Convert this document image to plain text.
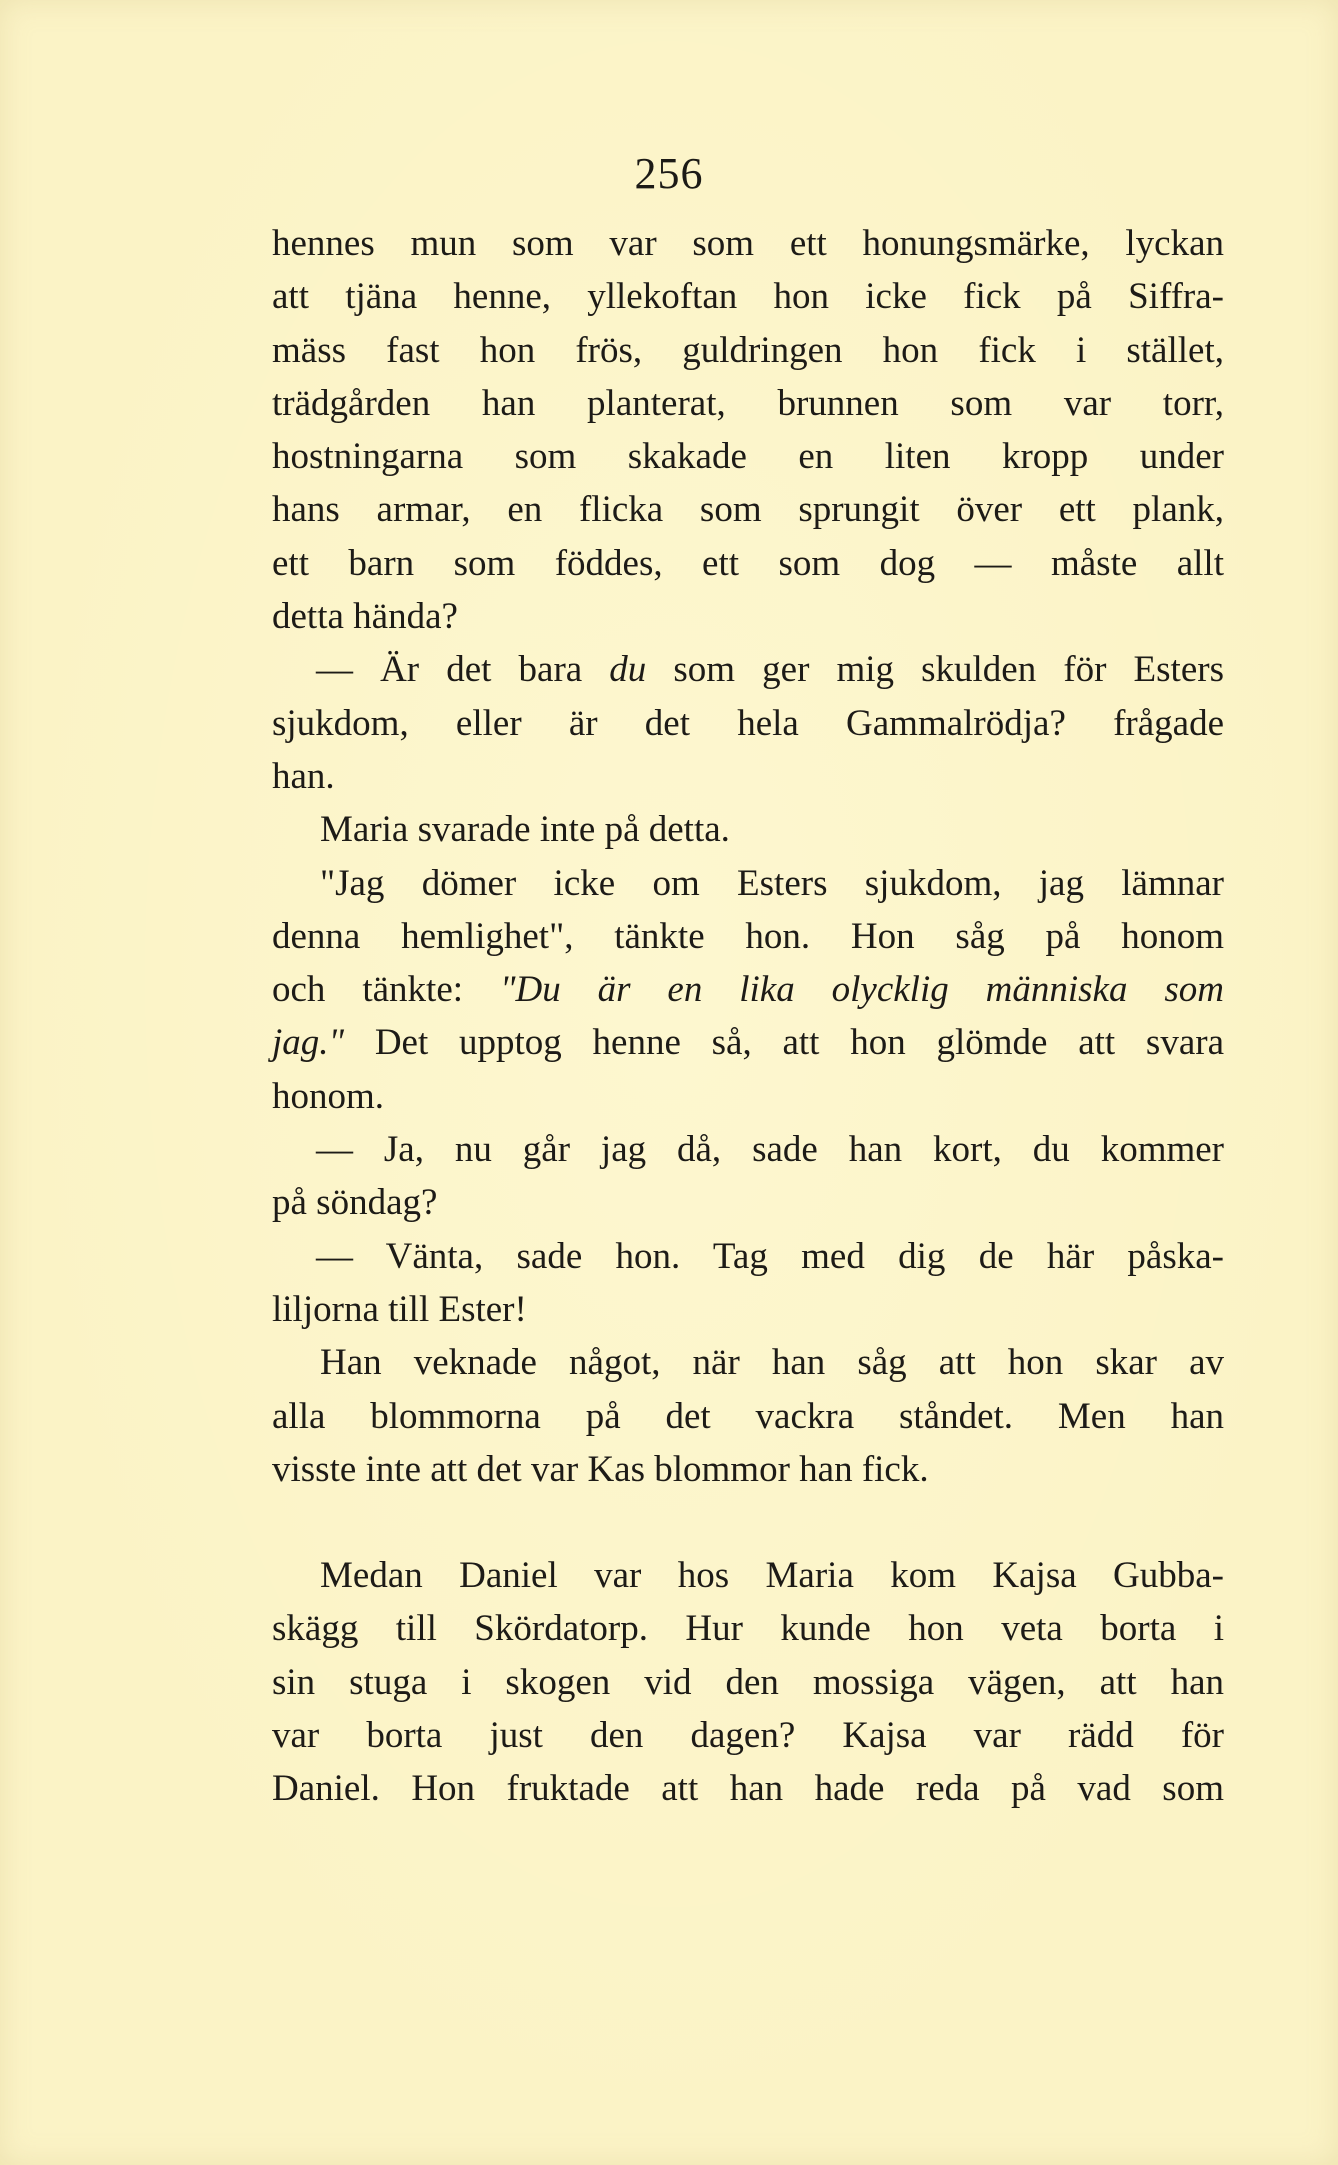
256
hennes mun som var som ett honungsmärke, lyckan
att tjäna henne, yllekoftan hon icke fick på Siffra-
mäss fast hon frös, guldringen hon fick i stället,
trädgården han planterat, brunnen som var torr,
hostningarna som skakade en liten kropp under
hans armar, en flicka som sprungit över ett plank,
ett barn som föddes, ett som dog — måste allt
detta hända?
— Är det bara du som ger mig skulden för Esters
sjukdom, eller är det hela Gammalrödja? frågade
han.
Maria svarade inte på detta.
"Jag dömer icke om Esters sjukdom, jag lämnar
denna hemlighet", tänkte hon. Hon såg på honom
och tänkte: "Du är en lika olycklig människa som
jag." Det upptog henne så, att hon glömde att svara
honom.
— Ja, nu går jag då, sade han kort, du kommer
på söndag?
— Vänta, sade hon. Tag med dig de här påska-
liljorna till Ester!
Han veknade något, när han såg att hon skar av
alla blommorna på det vackra ståndet. Men han
visste inte att det var Kas blommor han fick.
Medan Daniel var hos Maria kom Kajsa Gubba-
skägg till Skördatorp. Hur kunde hon veta borta i
sin stuga i skogen vid den mossiga vägen, att han
var borta just den dagen? Kajsa var rädd för
Daniel. Hon fruktade att han hade reda på vad som
